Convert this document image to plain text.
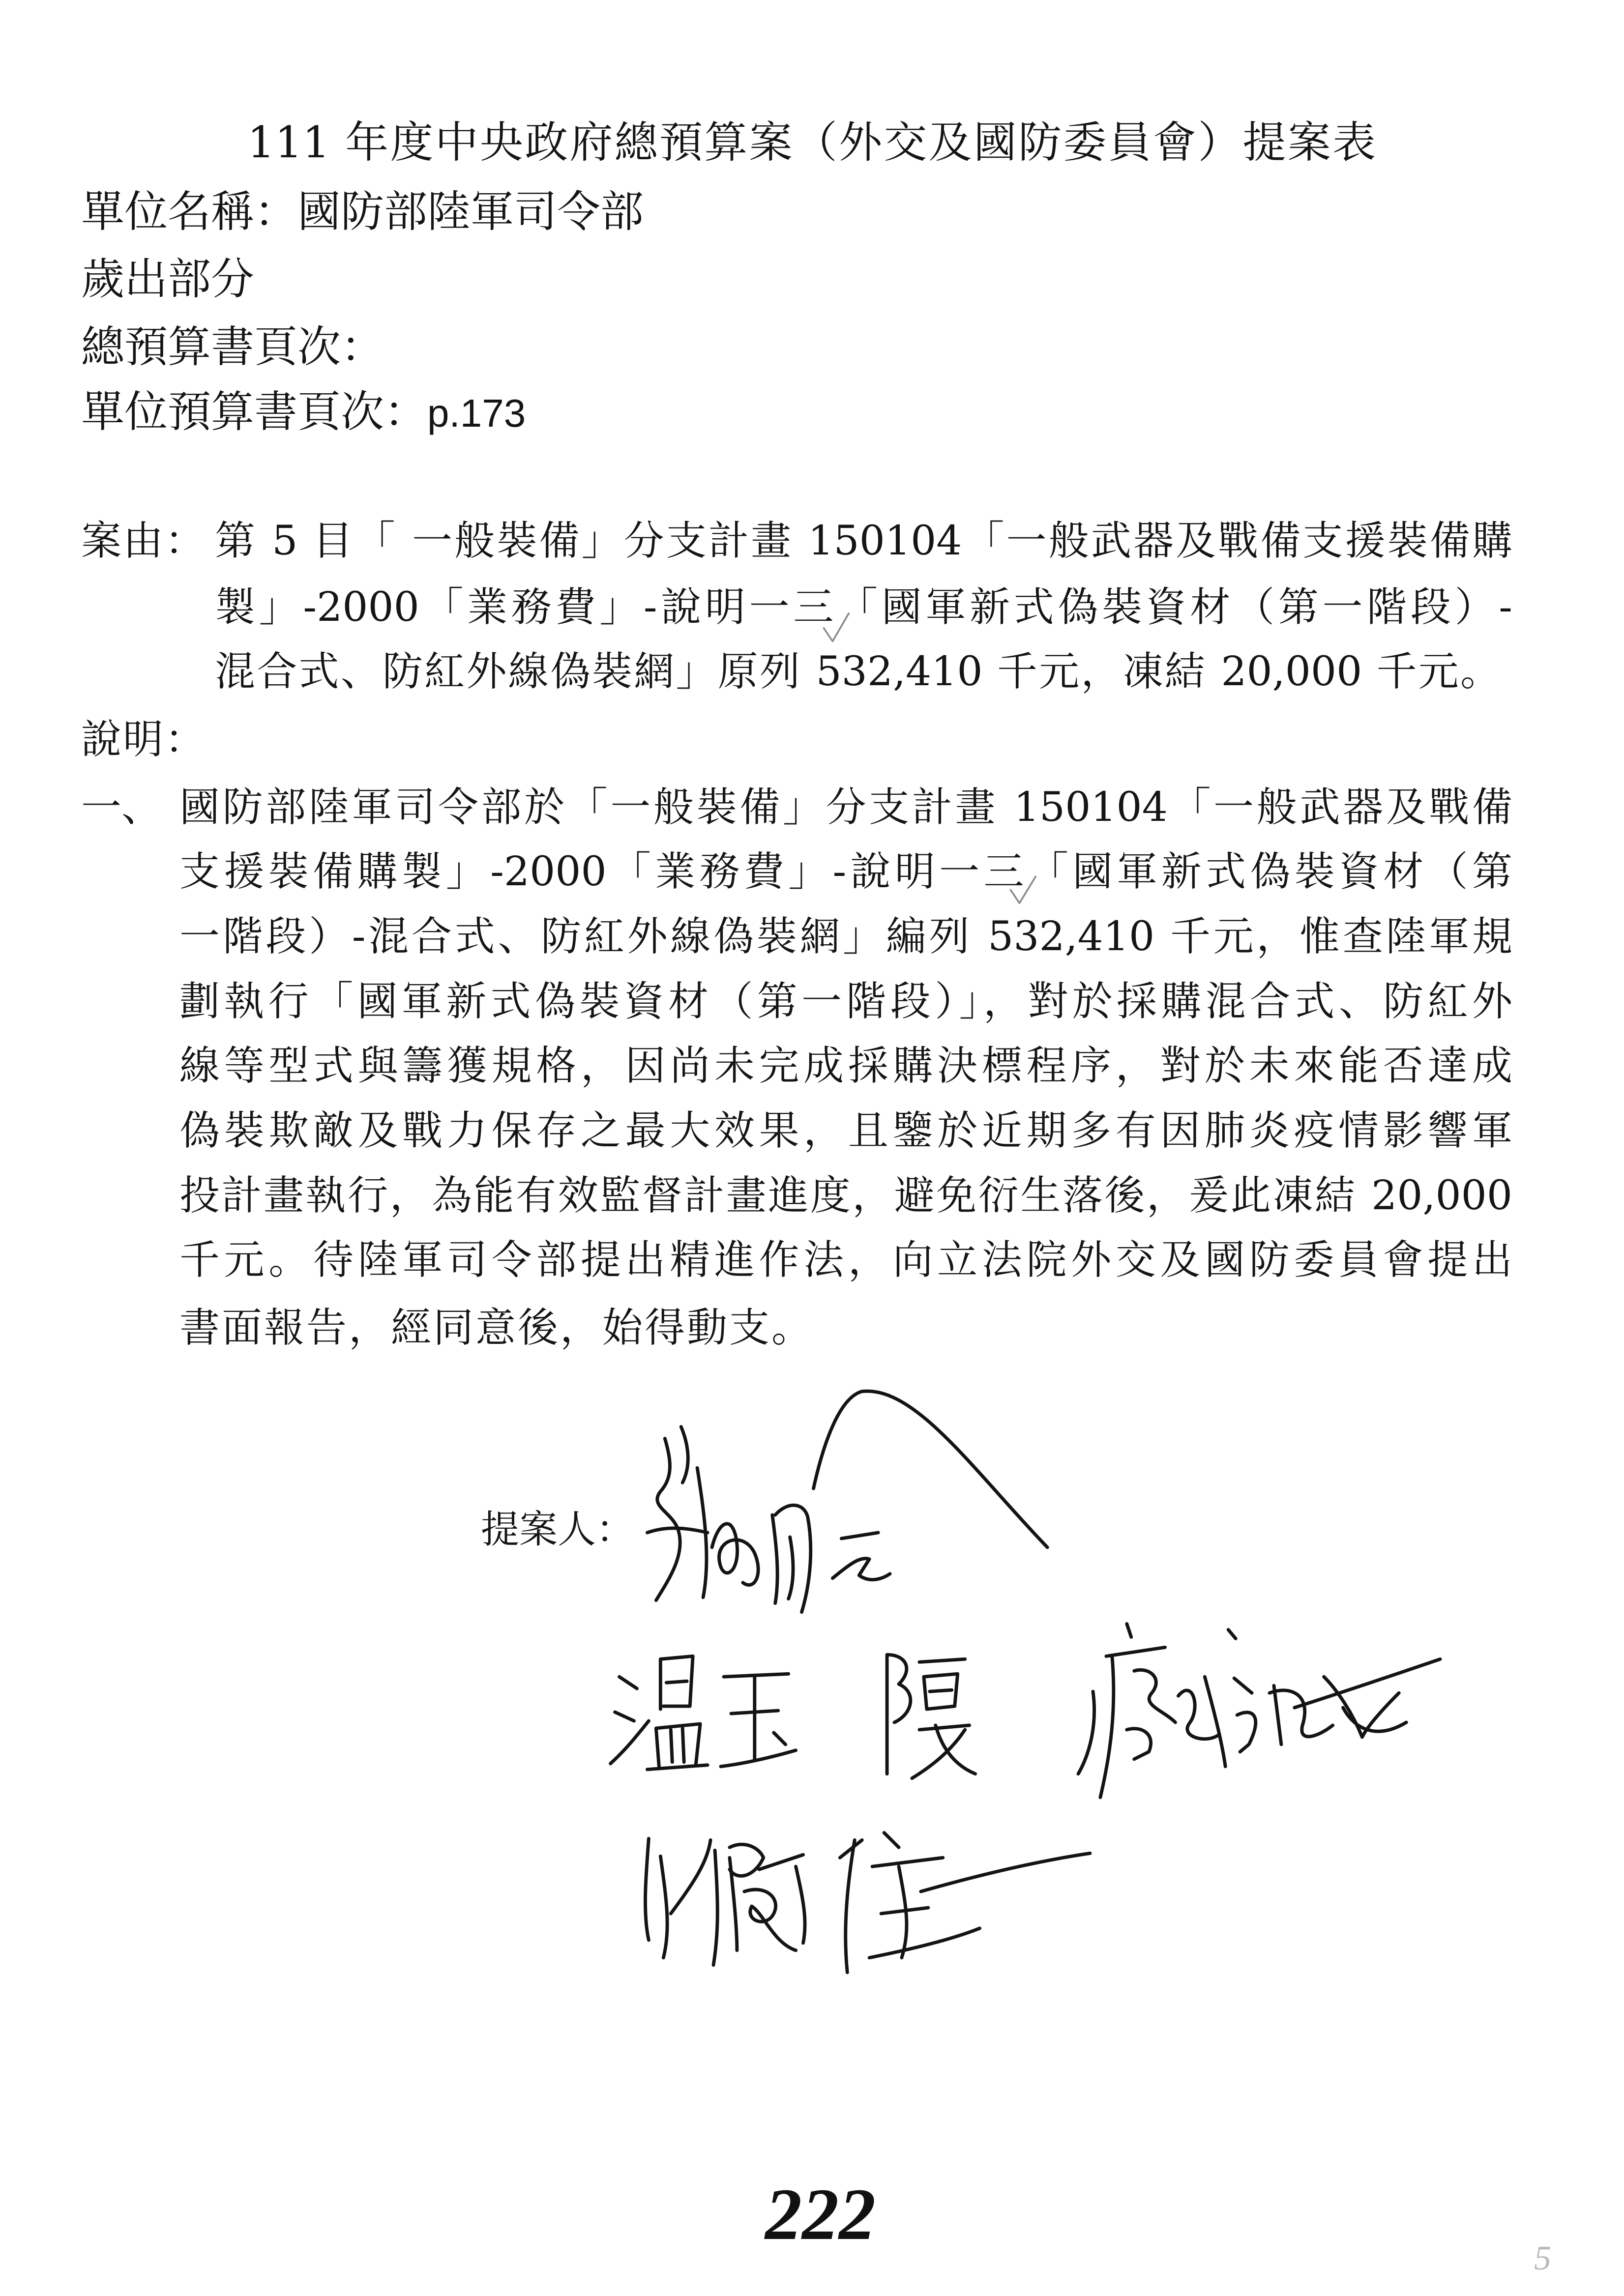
111 年度中央政府總預算案（外交及國防委員會）提案表
單位名稱：國防部陸軍司令部
歲出部分
總預算書頁次：
單位預算書頁次：p.173
案由： 第 5 目「 一般裝備」分支計畫 150104「一般武器及戰備支援裝備購
製」-2000「業務費」-說明一三「國軍新式偽裝資材（第一階段）-
混合式、防紅外線偽裝網」原列 532,410 千元，凍結 20,000 千元。
說明：
一、 國防部陸軍司令部於「一般裝備」分支計畫 150104「一般武器及戰備
支援裝備購製」-2000「業務費」-說明一三「國軍新式偽裝資材（第
一階段）-混合式、防紅外線偽裝網」編列 532,410 千元，惟查陸軍規
劃執行「國軍新式偽裝資材（第一階段）」，對於採購混合式、防紅外
線等型式與籌獲規格，因尚未完成採購決標程序，對於未來能否達成
偽裝欺敵及戰力保存之最大效果，且鑒於近期多有因肺炎疫情影響軍
投計畫執行，為能有效監督計畫進度，避免衍生落後，爰此凍結 20,000
千元。待陸軍司令部提出精進作法，向立法院外交及國防委員會提出
書面報告，經同意後，始得動支。
提案人：
222
5
